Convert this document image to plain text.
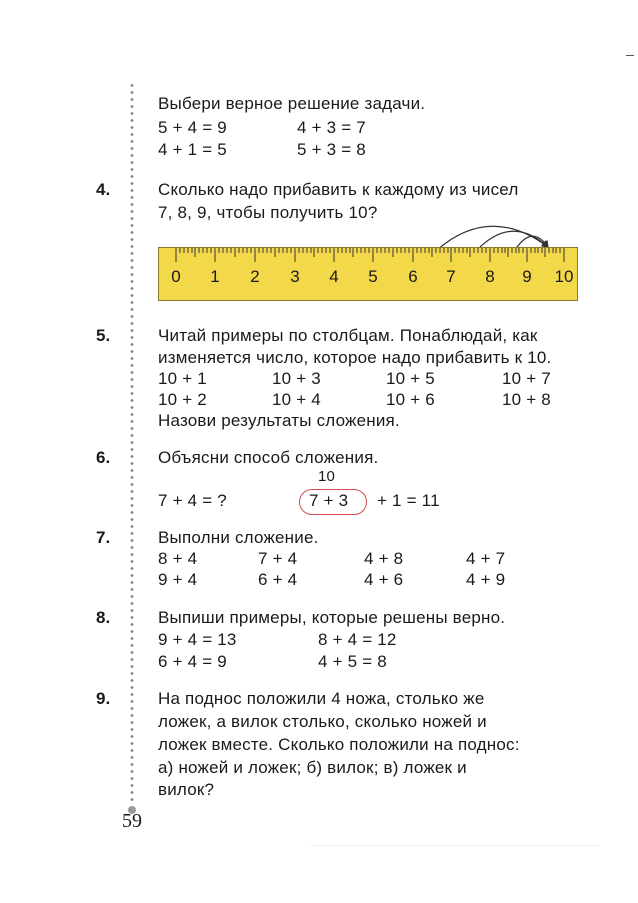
Выбери верное решение задачи.
5 + 4 = 9	4 + 3 = 7
4 + 1 = 5	5 + 3 = 8
4.	Сколько надо прибавить к каждому из чисел
7, 8, 9, чтобы получить 10?
0 1 2 3 4 5 6 7 8 9 10
5.	Читай примеры по столбцам. Понаблюдай, как
изменяется число, которое надо прибавить к 10.
10 + 1	10 + 3	10 + 5	10 + 7
10 + 2	10 + 4	10 + 6	10 + 8
Назови результаты сложения.
6.	Объясни способ сложения.
10
7 + 4 = ?	7 + 3 + 1 = 11
7.	Выполни сложение.
8 + 4	7 + 4	4 + 8	4 + 7
9 + 4	6 + 4	4 + 6	4 + 9
8.	Выпиши примеры, которые решены верно.
9 + 4 = 13	8 + 4 = 12
6 + 4 = 9	4 + 5 = 8
9.	На поднос положили 4 ножа, столько же
ложек, а вилок столько, сколько ножей и
ложек вместе. Сколько положили на поднос:
а) ножей и ложек; б) вилок; в) ложек и
вилок?
59
